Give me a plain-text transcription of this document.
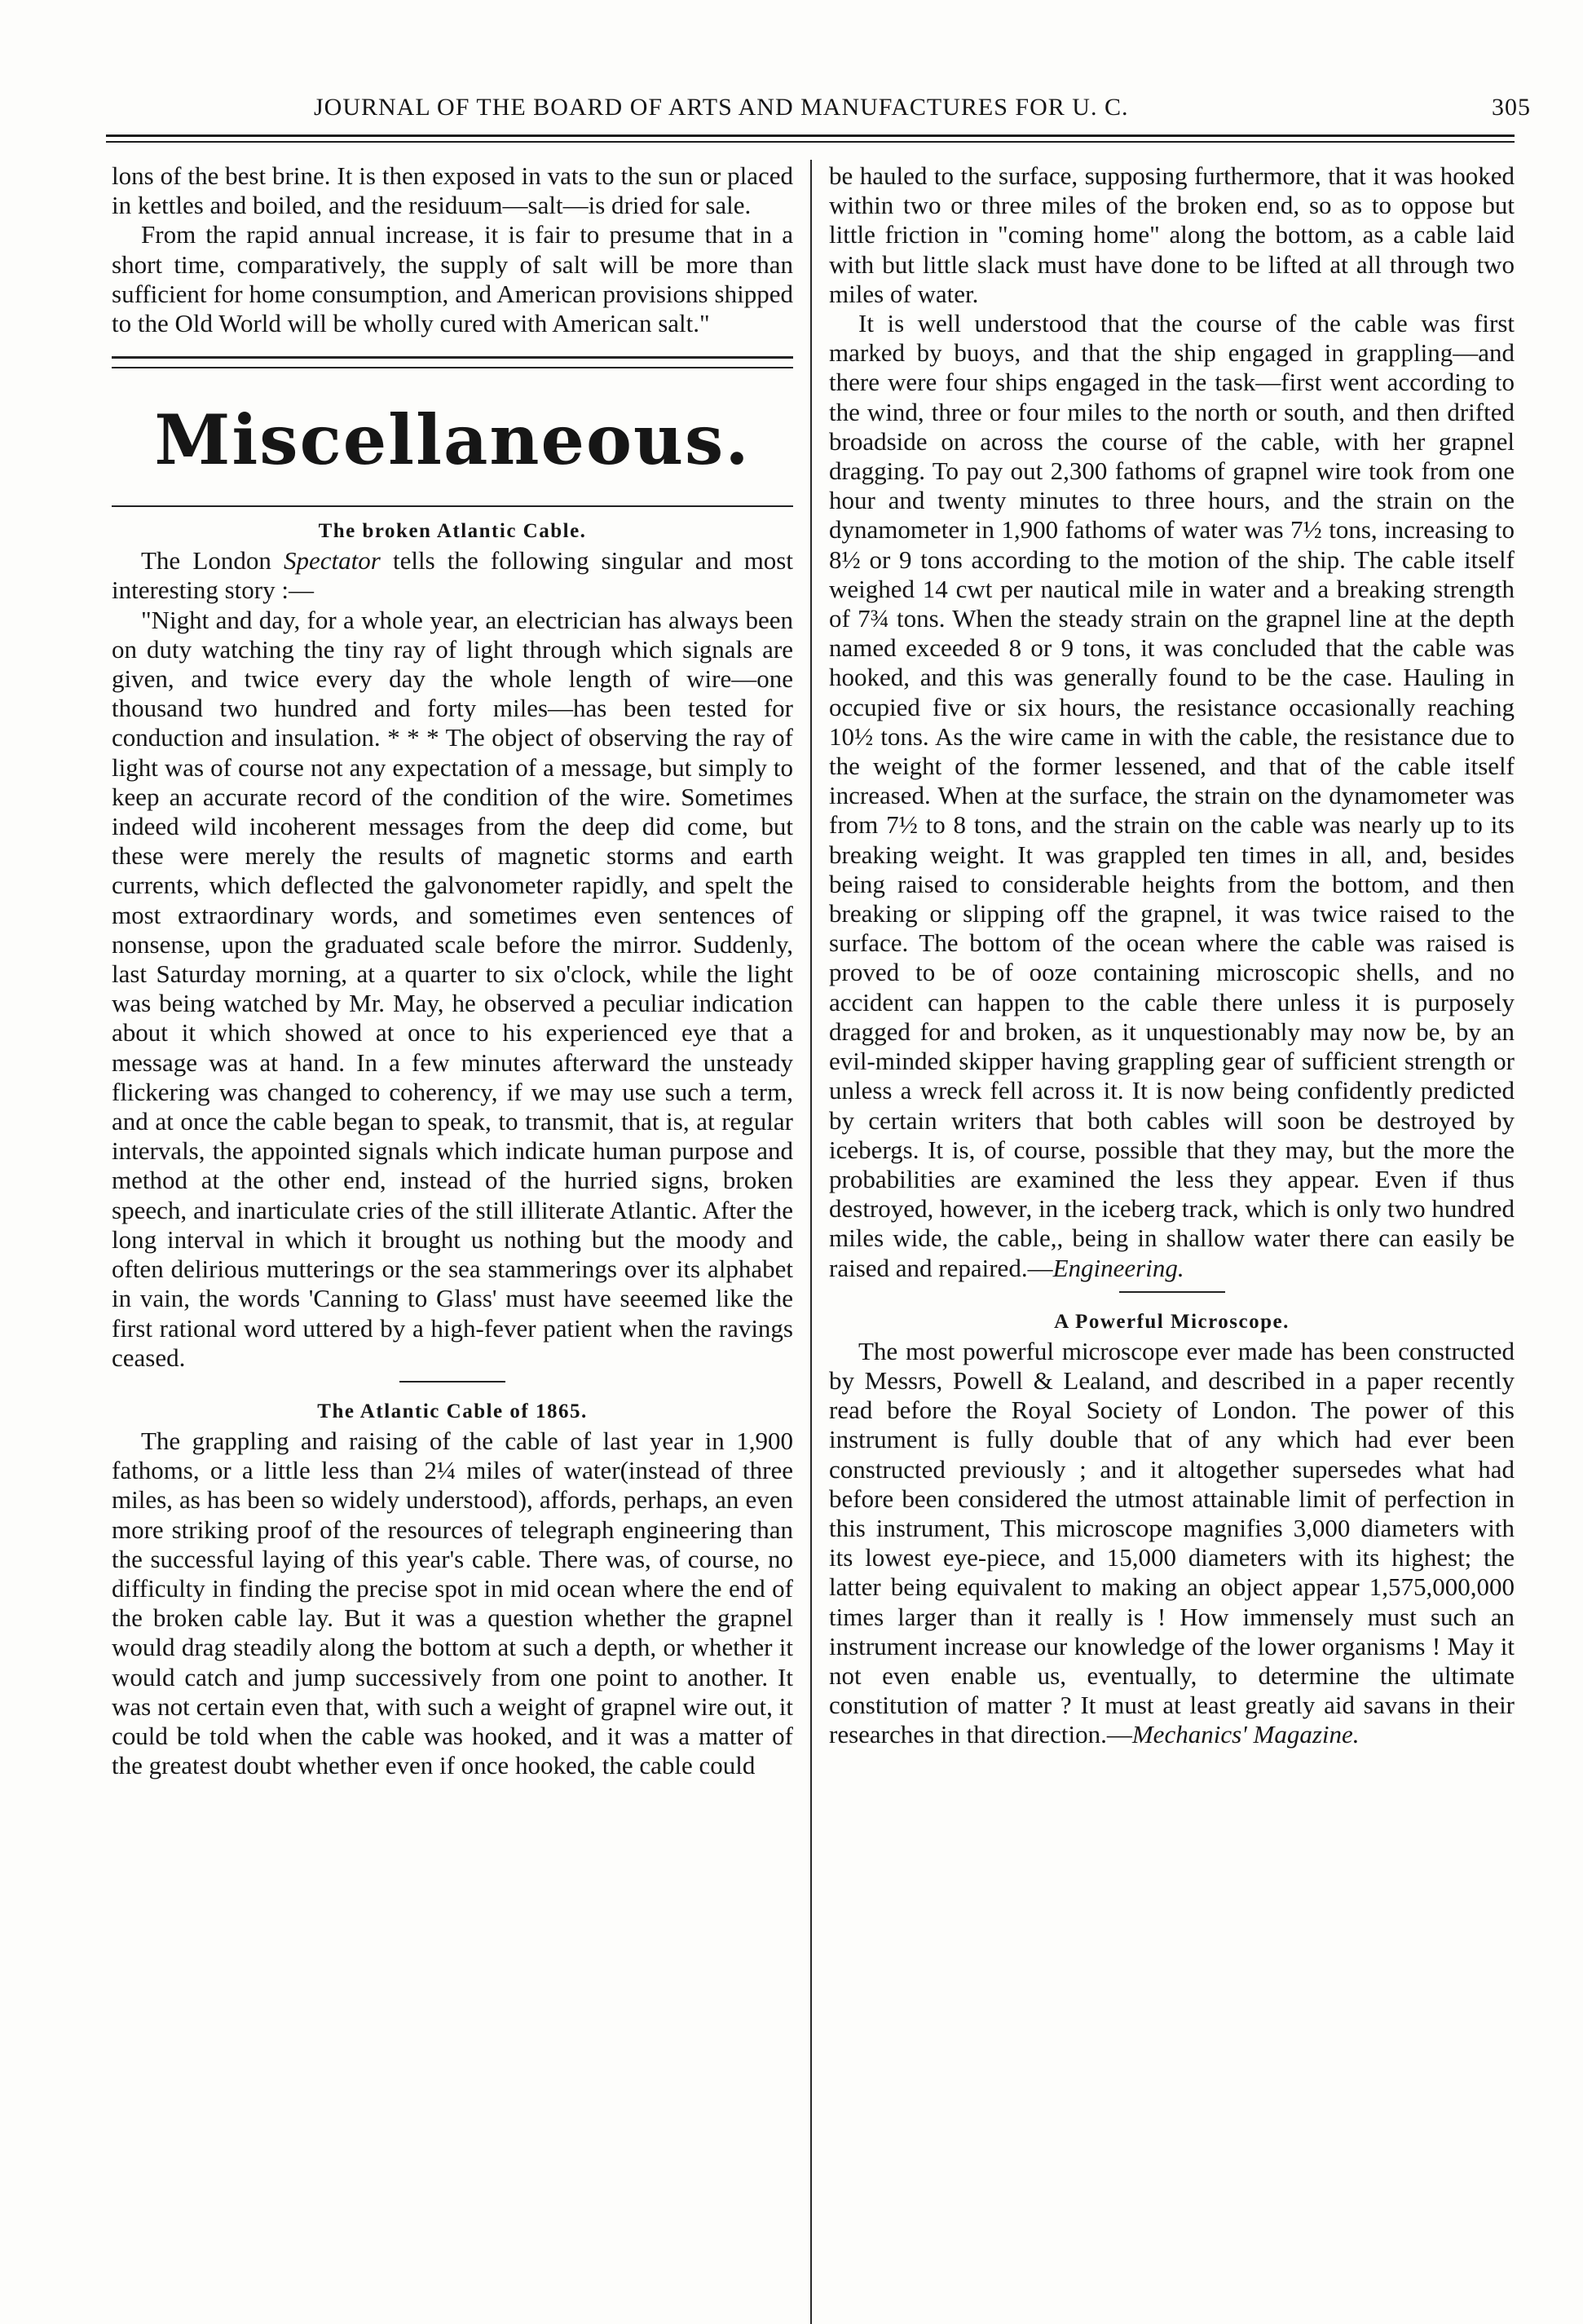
JOURNAL OF THE BOARD OF ARTS AND MANUFACTURES FOR U. C.	305

lons of the best brine. It is then exposed in vats to the sun or placed in kettles and boiled, and the residuum—salt—is dried for sale.

From the rapid annual increase, it is fair to presume that in a short time, comparatively, the supply of salt will be more than sufficient for home consumption, and American provisions shipped to the Old World will be wholly cured with American salt."

Miscellaneous.
The broken Atlantic Cable.

The London Spectator tells the following singular and most interesting story :—

"Night and day, for a whole year, an electrician has always been on duty watching the tiny ray of light through which signals are given, and twice every day the whole length of wire—one thousand two hundred and forty miles—has been tested for conduction and insulation. * * * The object of observing the ray of light was of course not any expectation of a message, but simply to keep an accurate record of the condition of the wire. Sometimes indeed wild incoherent messages from the deep did come, but these were merely the results of magnetic storms and earth currents, which deflected the galvonometer rapidly, and spelt the most extraordinary words, and sometimes even sentences of nonsense, upon the graduated scale before the mirror. Suddenly, last Saturday morning, at a quarter to six o'clock, while the light was being watched by Mr. May, he observed a peculiar indication about it which showed at once to his experienced eye that a message was at hand. In a few minutes afterward the unsteady flickering was changed to coherency, if we may use such a term, and at once the cable began to speak, to transmit, that is, at regular intervals, the appointed signals which indicate human purpose and method at the other end, instead of the hurried signs, broken speech, and inarticulate cries of the still illiterate Atlantic. After the long interval in which it brought us nothing but the moody and often delirious mutterings or the sea stammerings over its alphabet in vain, the words 'Canning to Glass' must have seeemed like the first rational word uttered by a high-fever patient when the ravings ceased.

The Atlantic Cable of 1865.

The grappling and raising of the cable of last year in 1,900 fathoms, or a little less than 2¼ miles of water(instead of three miles, as has been so widely understood), affords, perhaps, an even more striking proof of the resources of telegraph engineering than the successful laying of this year's cable. There was, of course, no difficulty in finding the precise spot in mid ocean where the end of the broken cable lay. But it was a question whether the grapnel would drag steadily along the bottom at such a depth, or whether it would catch and jump successively from one point to another. It was not certain even that, with such a weight of grapnel wire out, it could be told when the cable was hooked, and it was a matter of the greatest doubt whether even if once hooked, the cable could

be hauled to the surface, supposing furthermore, that it was hooked within two or three miles of the broken end, so as to oppose but little friction in "coming home" along the bottom, as a cable laid with but little slack must have done to be lifted at all through two miles of water.

It is well understood that the course of the cable was first marked by buoys, and that the ship engaged in grappling—and there were four ships engaged in the task—first went according to the wind, three or four miles to the north or south, and then drifted broadside on across the course of the cable, with her grapnel dragging. To pay out 2,300 fathoms of grapnel wire took from one hour and twenty minutes to three hours, and the strain on the dynamometer in 1,900 fathoms of water was 7½ tons, increasing to 8½ or 9 tons according to the motion of the ship. The cable itself weighed 14 cwt per nautical mile in water and a breaking strength of 7¾ tons. When the steady strain on the grapnel line at the depth named exceeded 8 or 9 tons, it was concluded that the cable was hooked, and this was generally found to be the case. Hauling in occupied five or six hours, the resistance occasionally reaching 10½ tons. As the wire came in with the cable, the resistance due to the weight of the former lessened, and that of the cable itself increased. When at the surface, the strain on the dynamometer was from 7½ to 8 tons, and the strain on the cable was nearly up to its breaking weight. It was grappled ten times in all, and, besides being raised to considerable heights from the bottom, and then breaking or slipping off the grapnel, it was twice raised to the surface. The bottom of the ocean where the cable was raised is proved to be of ooze containing microscopic shells, and no accident can happen to the cable there unless it is purposely dragged for and broken, as it unquestionably may now be, by an evil-minded skipper having grappling gear of sufficient strength or unless a wreck fell across it. It is now being confidently predicted by certain writers that both cables will soon be destroyed by icebergs. It is, of course, possible that they may, but the more the probabilities are examined the less they appear. Even if thus destroyed, however, in the iceberg track, which is only two hundred miles wide, the cable,, being in shallow water there can easily be raised and repaired.—Engineering.

A Powerful Microscope.

The most powerful microscope ever made has been constructed by Messrs, Powell & Lealand, and described in a paper recently read before the Royal Society of London. The power of this instrument is fully double that of any which had ever been constructed previously ; and it altogether supersedes what had before been considered the utmost attainable limit of perfection in this instrument, This microscope magnifies 3,000 diameters with its lowest eye-piece, and 15,000 diameters with its highest; the latter being equivalent to making an object appear 1,575,000,000 times larger than it really is ! How immensely must such an instrument increase our knowledge of the lower organisms ! May it not even enable us, eventually, to determine the ultimate constitution of matter ? It must at least greatly aid savans in their researches in that direction.—Mechanics' Magazine.
